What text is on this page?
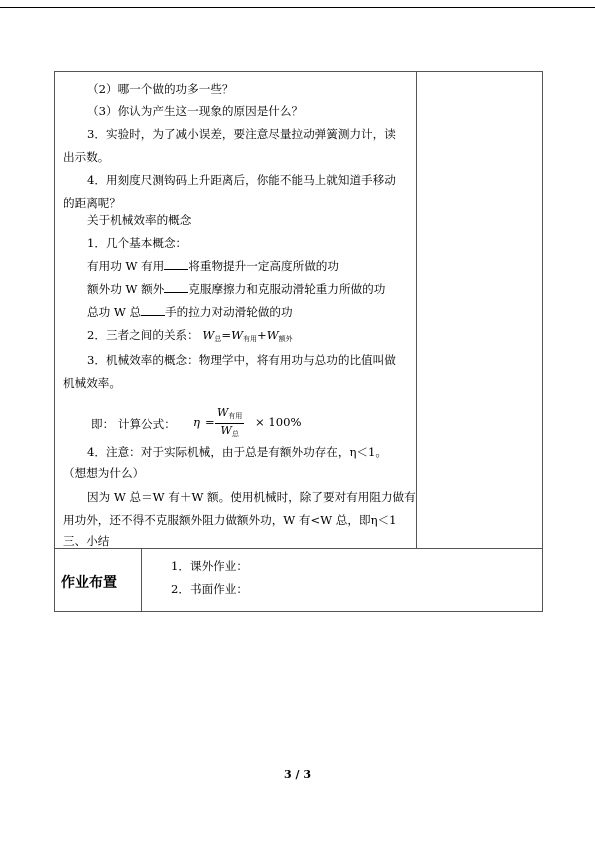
（2）哪一个做的功多一些？
（3）你认为产生这一现象的原因是什么？
3．实验时，为了减小误差，要注意尽量拉动弹簧测力计，读
出示数。
4．用刻度尺测钩码上升距离后，你能不能马上就知道手移动
的距离呢？
关于机械效率的概念
1．几个基本概念：
有用功 W 有用 将重物提升一定高度所做的功
额外功 W 额外 克服摩擦力和克服动滑轮重力所做的功
总功 W 总 手的拉力对动滑轮做的功
2．三者之间的关系： $W_总=W_{有用}+W_{额外}$
3．机械效率的概念：物理学中，将有用功与总功的比值叫做
机械效率。
即： 计算公式： η =
$W_{有用}$
$W_总$
× 100%
4．注意：对于实际机械，由于总是有额外功存在，η＜1。
（想想为什么）
因为 W 总＝W 有＋W 额。使用机械时，除了要对有用阻力做有
用功外，还不得不克服额外阻力做额外功，W 有<W 总，即η＜1
三、小结
作业布置
1．课外作业：
2．书面作业：
3 / 3
